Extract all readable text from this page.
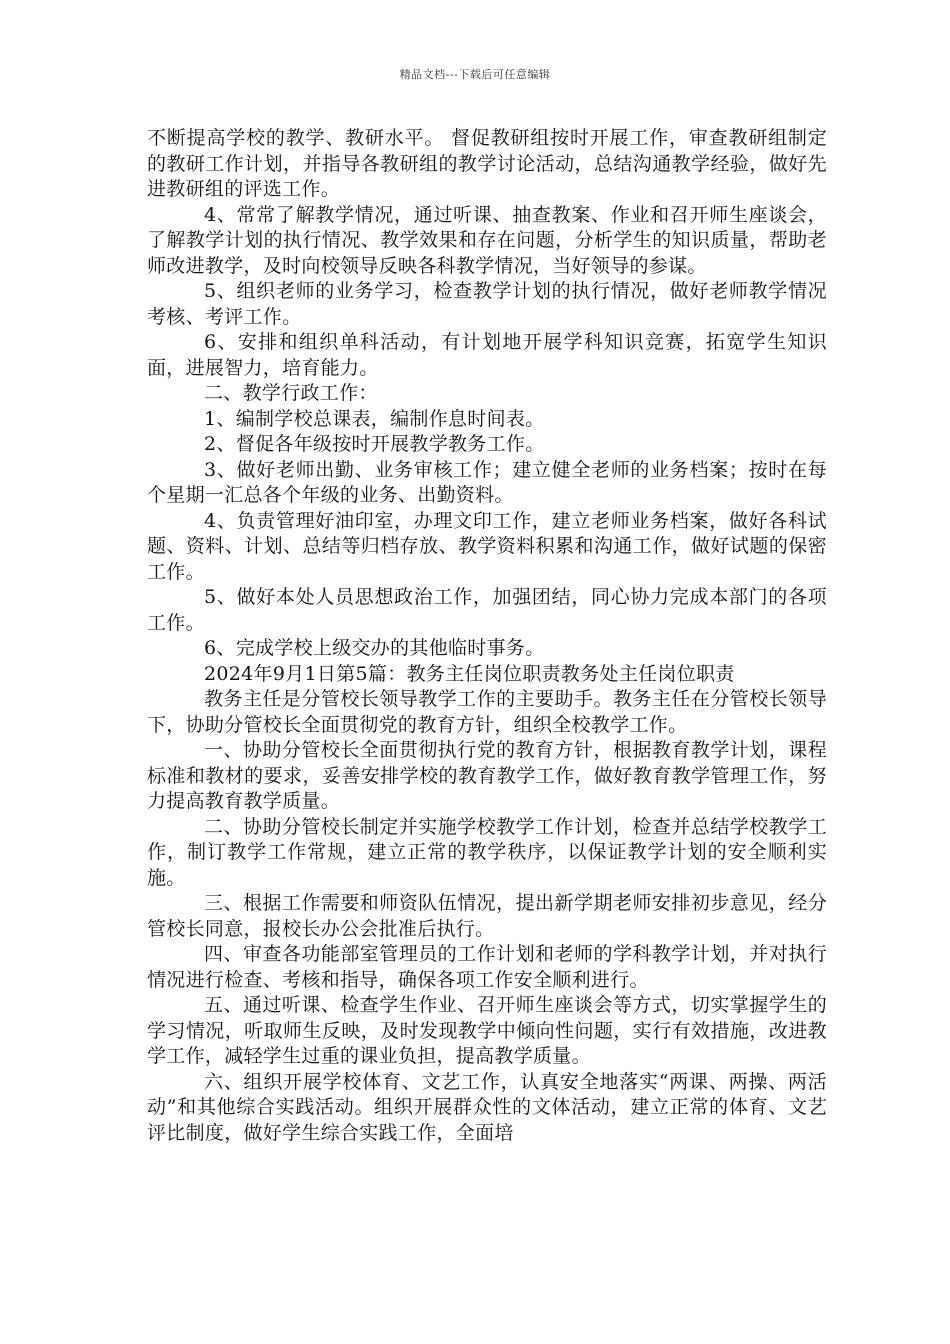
精品文档---下载后可任意编辑

不断提高学校的教学、教研水平。 督促教研组按时开展工作，审查教研组制定的教研工作计划，并指导各教研组的教学讨论活动，总结沟通教学经验，做好先进教研组的评选工作。

4、常常了解教学情况，通过听课、抽查教案、作业和召开师生座谈会，了解教学计划的执行情况、教学效果和存在问题，分析学生的知识质量，帮助老师改进教学，及时向校领导反映各科教学情况，当好领导的参谋。

5、组织老师的业务学习，检查教学计划的执行情况，做好老师教学情况考核、考评工作。

6、安排和组织单科活动，有计划地开展学科知识竞赛，拓宽学生知识面，进展智力，培育能力。

二、教学行政工作：

1、编制学校总课表，编制作息时间表。

2、督促各年级按时开展教学教务工作。

3、做好老师出勤、业务审核工作；建立健全老师的业务档案；按时在每个星期一汇总各个年级的业务、出勤资料。

4、负责管理好油印室，办理文印工作，建立老师业务档案，做好各科试题、资料、计划、总结等归档存放、教学资料积累和沟通工作，做好试题的保密工作。

5、做好本处人员思想政治工作，加强团结，同心协力完成本部门的各项工作。

6、完成学校上级交办的其他临时事务。

2024年9月1日第5篇：教务主任岗位职责教务处主任岗位职责

教务主任是分管校长领导教学工作的主要助手。教务主任在分管校长领导下，协助分管校长全面贯彻党的教育方针，组织全校教学工作。

一、协助分管校长全面贯彻执行党的教育方针，根据教育教学计划，课程标准和教材的要求，妥善安排学校的教育教学工作，做好教育教学管理工作，努力提高教育教学质量。

二、协助分管校长制定并实施学校教学工作计划，检查并总结学校教学工作，制订教学工作常规，建立正常的教学秩序，以保证教学计划的安全顺利实施。

三、根据工作需要和师资队伍情况，提出新学期老师安排初步意见，经分管校长同意，报校长办公会批准后执行。

四、审查各功能部室管理员的工作计划和老师的学科教学计划，并对执行情况进行检查、考核和指导，确保各项工作安全顺利进行。

五、通过听课、检查学生作业、召开师生座谈会等方式，切实掌握学生的学习情况，听取师生反映，及时发现教学中倾向性问题，实行有效措施，改进教学工作，减轻学生过重的课业负担，提高教学质量。

六、组织开展学校体育、文艺工作，认真安全地落实“两课、两操、两活动”和其他综合实践活动。组织开展群众性的文体活动，建立正常的体育、文艺评比制度，做好学生综合实践工作，全面培
